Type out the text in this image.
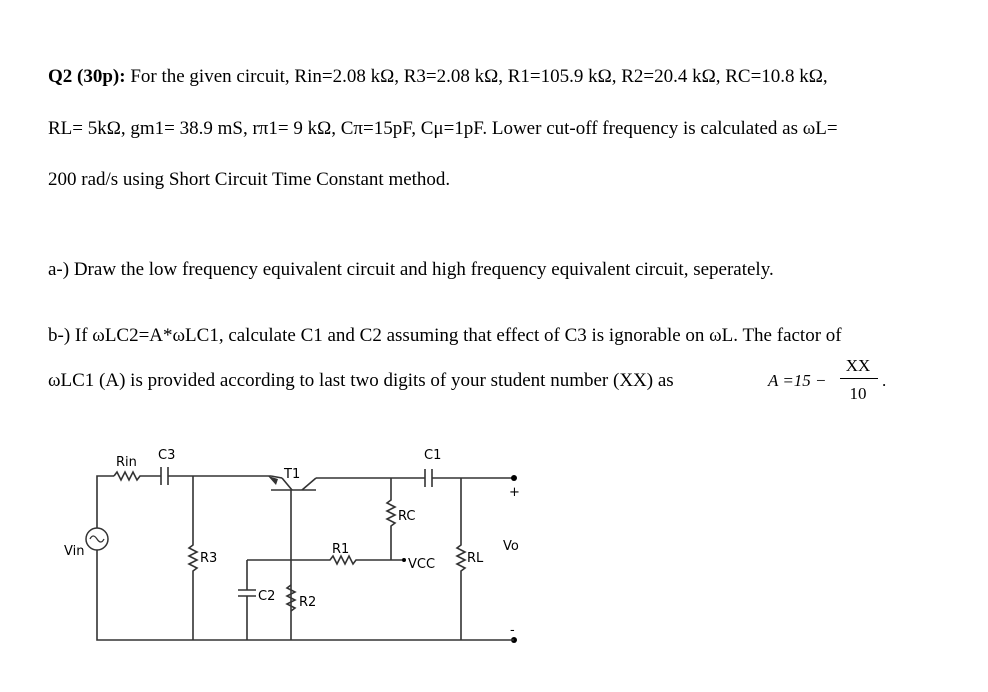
Q2 (30p): For the given circuit, Rin=2.08 kΩ, R3=2.08 kΩ, R1=105.9 kΩ, R2=20.4 kΩ, RC=10.8 kΩ,
RL= 5kΩ, gm1= 38.9 mS, rπ1= 9 kΩ, Cπ=15pF, Cμ=1pF. Lower cut-off frequency is calculated as ωL=
200 rad/s using Short Circuit Time Constant method.
a-) Draw the low frequency equivalent circuit and high frequency equivalent circuit, seperately.
b-) If ωLC2=A*ωLC1, calculate C1 and C2 assuming that effect of C3 is ignorable on ωL. The factor of
ωLC1 (A) is provided according to last two digits of your student number (XX) as	A =15 −
XX
10
.
Rin C3
T1
C1
RC
R1
VCC
R3
C2 R2
RL
Vin	Vo
+
-
